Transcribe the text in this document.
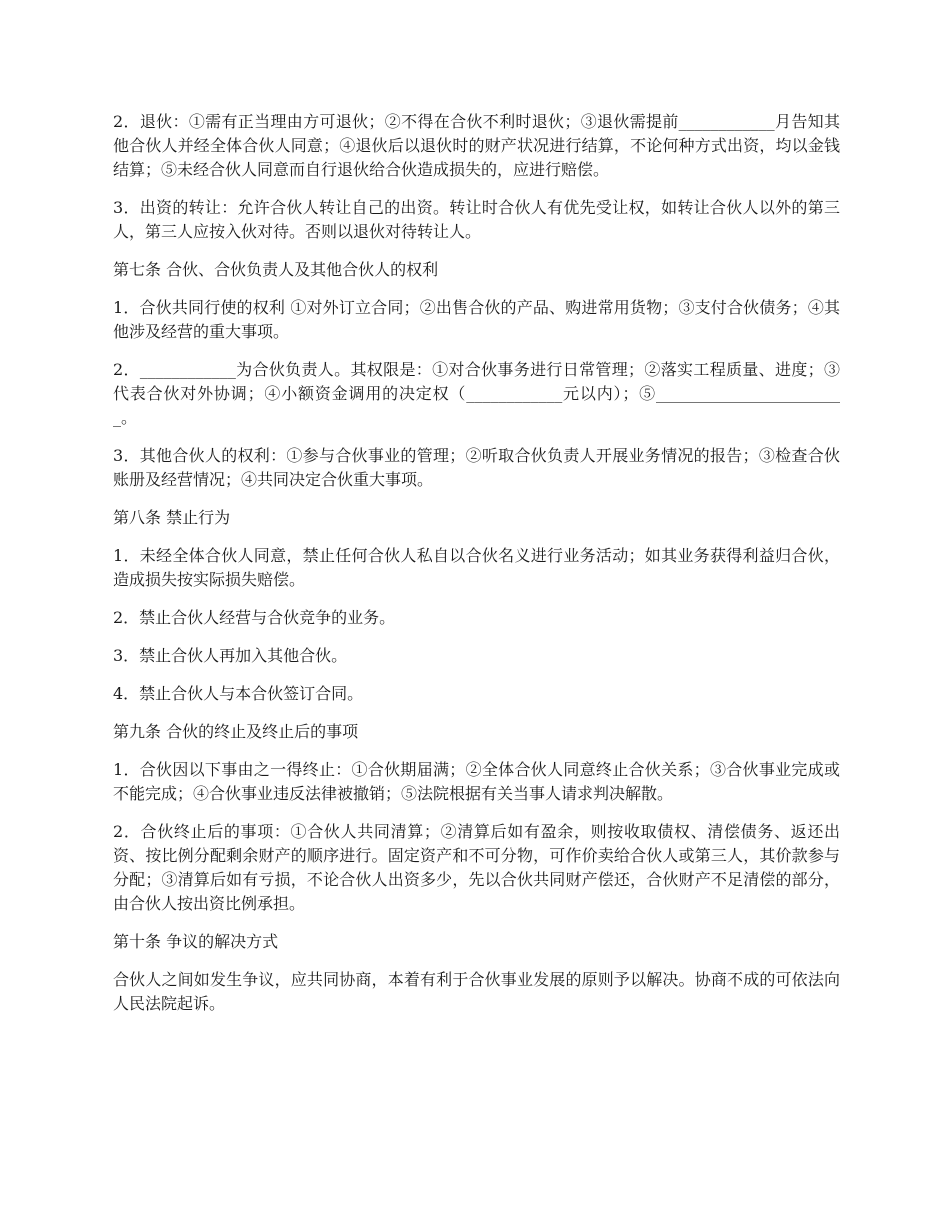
2．退伙：①需有正当理由方可退伙；②不得在合伙不利时退伙；③退伙需提前____________月告知其他合伙人并经全体合伙人同意；④退伙后以退伙时的财产状况进行结算，不论何种方式出资，均以金钱结算；⑤未经合伙人同意而自行退伙给合伙造成损失的，应进行赔偿。

3．出资的转让：允许合伙人转让自己的出资。转让时合伙人有优先受让权，如转让合伙人以外的第三人，第三人应按入伙对待。否则以退伙对待转让人。

第七条 合伙、合伙负责人及其他合伙人的权利

1．合伙共同行使的权利 ①对外订立合同；②出售合伙的产品、购进常用货物；③支付合伙债务；④其他涉及经营的重大事项。

2．____________为合伙负责人。其权限是：①对合伙事务进行日常管理；②落实工程质量、进度；③代表合伙对外协调；④小额资金调用的决定权（____________元以内）；⑤________________________。

3．其他合伙人的权利：①参与合伙事业的管理；②听取合伙负责人开展业务情况的报告；③检查合伙账册及经营情况；④共同决定合伙重大事项。

第八条 禁止行为

1．未经全体合伙人同意，禁止任何合伙人私自以合伙名义进行业务活动；如其业务获得利益归合伙，造成损失按实际损失赔偿。

2．禁止合伙人经营与合伙竞争的业务。

3．禁止合伙人再加入其他合伙。

4．禁止合伙人与本合伙签订合同。

第九条 合伙的终止及终止后的事项

1．合伙因以下事由之一得终止：①合伙期届满；②全体合伙人同意终止合伙关系；③合伙事业完成或不能完成；④合伙事业违反法律被撤销；⑤法院根据有关当事人请求判决解散。

2．合伙终止后的事项：①合伙人共同清算；②清算后如有盈余，则按收取债权、清偿债务、返还出资、按比例分配剩余财产的顺序进行。固定资产和不可分物，可作价卖给合伙人或第三人，其价款参与分配；③清算后如有亏损，不论合伙人出资多少，先以合伙共同财产偿还，合伙财产不足清偿的部分，由合伙人按出资比例承担。

第十条 争议的解决方式

合伙人之间如发生争议，应共同协商，本着有利于合伙事业发展的原则予以解决。协商不成的可依法向人民法院起诉。
